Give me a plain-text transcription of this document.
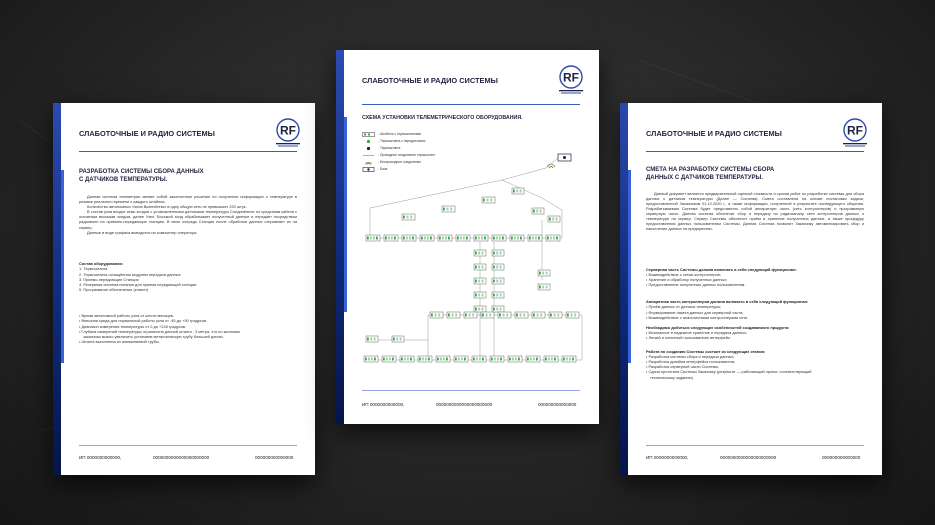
СЛАБОТОЧНЫЕ И РАДИО СИСТЕМЫ	RF
РАЗРАБОТКА СИСТЕМЫ СБОРА ДАННЫХ
С ДАТЧИКОВ ТЕМПЕРАТУРЫ.
Данная система телеметрии являет собой законченное решение по получению информации о температуре в режиме реального времени с каждого штабеля.
Количество автономных Узлов Включённых в одну общую сеть не превышает 220 штук.
В состав узла входят семь зондов с установленными датчиками температуры Соединённое по средствам кабеля с основным восьмым зондом, далее Узел. Восьмой зонд обрабатывает полученный данные и передает посредством радиоволн на приемно-передающие станцию. В свою очередь Станция после обработки данных отправляет их на сервер.
Данные в виде графика выводятся на компьютер оператора.
Состав оборудования:
1. Термоштанга
2. Термоштанга оснащённая модулем передачи данных
3. Приемо-передающие Станция
4. Резервная система питания для приема передающей станции.
5. Программное обеспечение (клиент)
• Время автономной работы узла от шести месяцев.
• Внешняя среда для нормальной работы узла от -45 до +50 градусов.
• Диапазон измерения температуры от 0 до +135 градусов.
• Глубина измерений температуры ограничена длиной штанги , 3 метра, что по желанию
заказчика можно увеличить установив металлическую трубу большей длины.
• Штанга выполнена из алюминиевой трубы.
ИП 0000000000000,	0000000000000000000000	000000000000000
СЛАБОТОЧНЫЕ И РАДИО СИСТЕМЫ	RF
СМЕТА НА РАЗРАБОТКУ СИСТЕМЫ СБОРА
ДАННЫХ С ДАТЧИКОВ ТЕМПЕРАТУРЫ.
Данный документ является предварительной оценкой стоимости и сроков работ по разработке системы для сбора данных с датчиков температуры (Далее — Система). Смета составлена на основе постановки задачи, предоставленной Заказчиком 01.12.2020 г., а также информации, полученной в результате последующего общения. Разрабатываемая Система будет представлять собой аппаратную часть (сеть контроллеров) и программную серверную часть. Данная система обеспечит сбор и передачу по радиоканалу сети контроллеров данных о температуре на сервер. Сервер Системы обеспечит приём и хранение полученных данных, а также процедуру предоставления данных пользователям Системы. Данная Система позволит Заказчику автоматизировать сбор и накопление данных на предприятии.
Серверная часть Системы должна включать в себя следующий функционал:
• Взаимодействие с сетью контроллеров;
• Хранение и обработку полученных данных;
• Предоставление полученных данных пользователям.
Аппаратная часть контроллеров должна включать в себя следующий функционал:
• Приём данных от датчика температуры;
• Формирование пакета данных для серверной части;
• Взаимодействие с аналогичными контроллерами сети.
Необходимо добиться следующих особенностей создаваемого продукта:
• Безопасное и надежное хранение и передача данных;
• Легкий и понятный пользователю интерфейс.
Работа по созданию Системы состоит из следующих этапов:
• Разработка системы сбора и передачи данных;
• Разработка дизайна интерфейса пользователя;
• Разработка серверной части Системы;
• Сдача прототипа Системы Заказчику (результат — работающий проект, соответствующий
техническому заданию).
ИП 0000000000000,	0000000000000000000000	000000000000000
СЛАБОТОЧНЫЕ И РАДИО СИСТЕМЫ	RF
СХЕМА УСТАНОВКИ ТЕЛЕМЕТРИЧЕСКОГО ОБОРУДОВАНИЯ.
- Штабель с термоштангами
- Термоштанга с передатчиком
- Термоштанга
- Проводное соединение термоштанг
- Беспроводное соединение
- База
ИП 0000000000000,	0000000000000000000000	000000000000000
